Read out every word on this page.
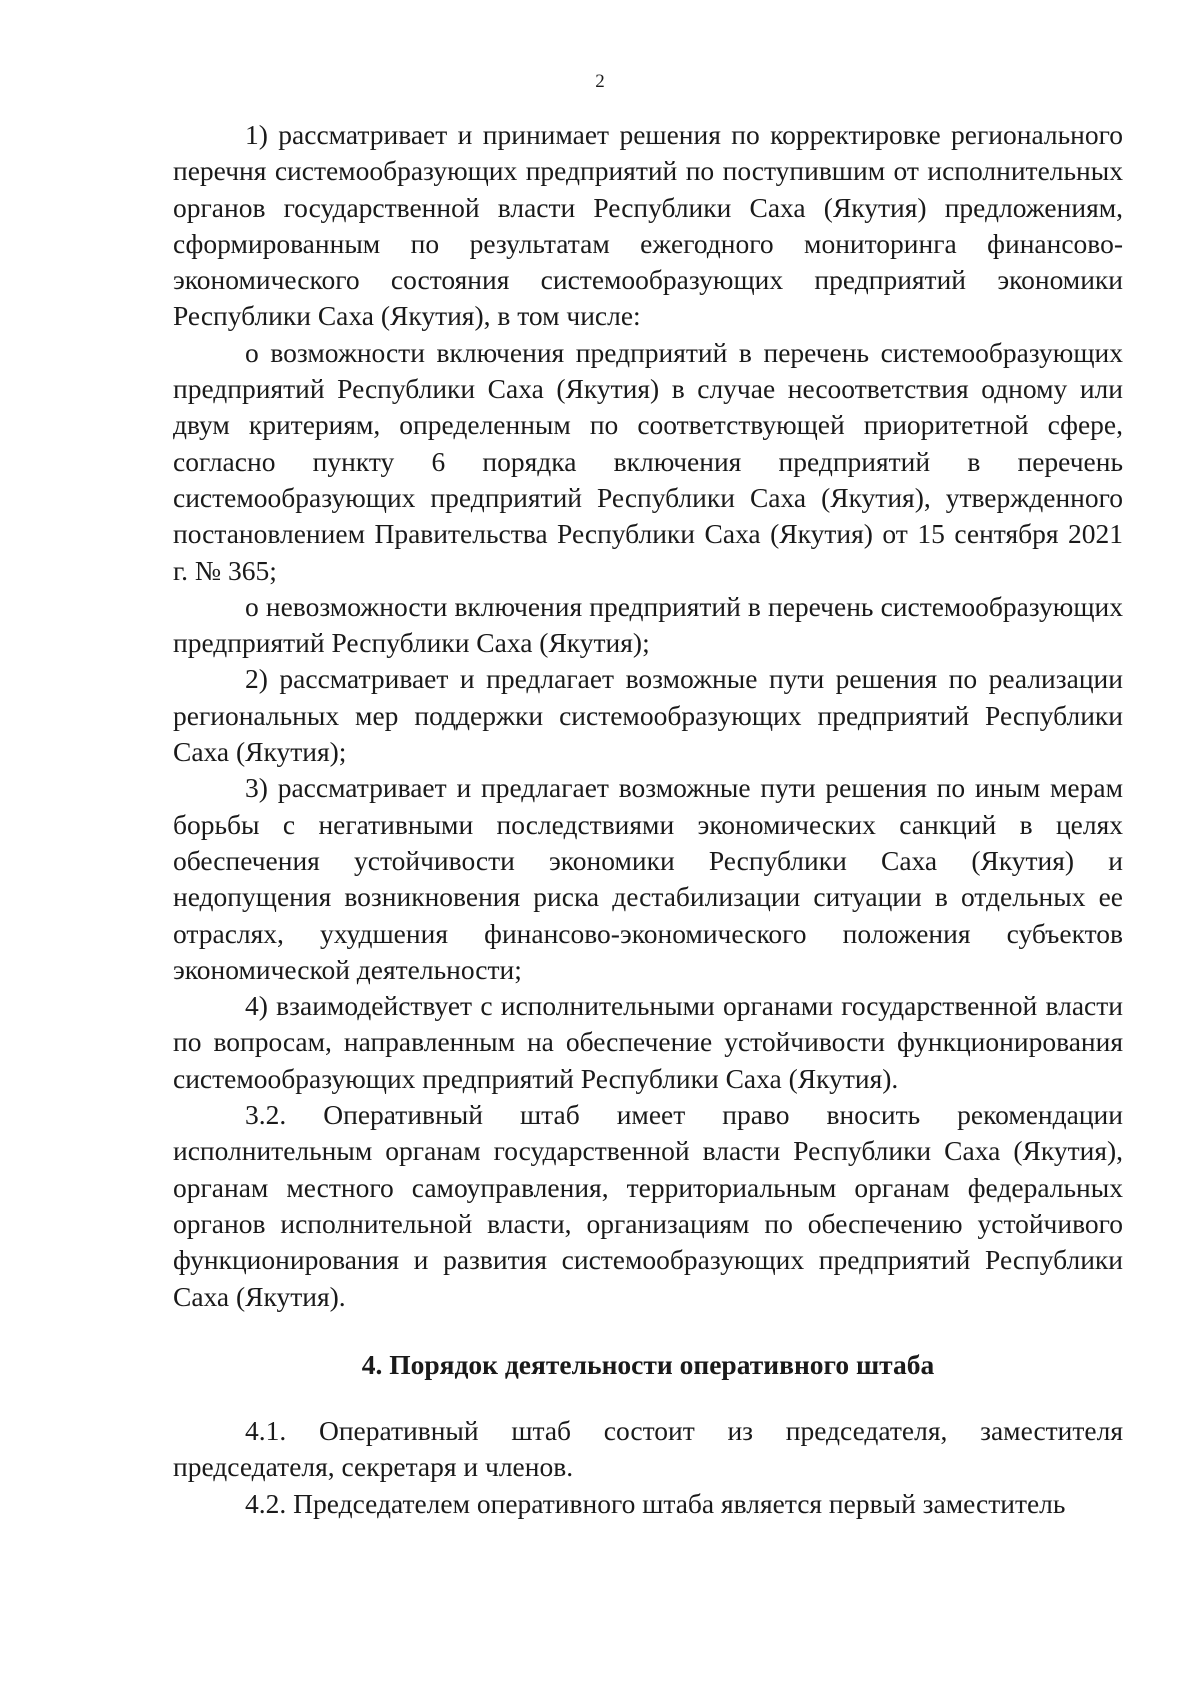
2

1) рассматривает и принимает решения по корректировке регионального перечня системообразующих предприятий по поступившим от исполнительных органов государственной власти Республики Саха (Якутия) предложениям, сформированным по результатам ежегодного мониторинга финансово-экономического состояния системообразующих предприятий экономики Республики Саха (Якутия), в том числе:

о возможности включения предприятий в перечень системообразующих предприятий Республики Саха (Якутия) в случае несоответствия одному или двум критериям, определенным по соответствующей приоритетной сфере, согласно пункту 6 порядка включения предприятий в перечень системообразующих предприятий Республики Саха (Якутия), утвержденного постановлением Правительства Республики Саха (Якутия) от 15 сентября 2021 г. № 365;

о невозможности включения предприятий в перечень системообразующих предприятий Республики Саха (Якутия);

2) рассматривает и предлагает возможные пути решения по реализации региональных мер поддержки системообразующих предприятий Республики Саха (Якутия);

3) рассматривает и предлагает возможные пути решения по иным мерам борьбы с негативными последствиями экономических санкций в целях обеспечения устойчивости экономики Республики Саха (Якутия) и недопущения возникновения риска дестабилизации ситуации в отдельных ее отраслях, ухудшения финансово-экономического положения субъектов экономической деятельности;

4) взаимодействует с исполнительными органами государственной власти по вопросам, направленным на обеспечение устойчивости функционирования системообразующих предприятий Республики Саха (Якутия).

3.2. Оперативный штаб имеет право вносить рекомендации исполнительным органам государственной власти Республики Саха (Якутия), органам местного самоуправления, территориальным органам федеральных органов исполнительной власти, организациям по обеспечению устойчивого функционирования и развития системообразующих предприятий Республики Саха (Якутия).

4. Порядок деятельности оперативного штаба

4.1. Оперативный штаб состоит из председателя, заместителя председателя, секретаря и членов.

4.2. Председателем оперативного штаба является первый заместитель
